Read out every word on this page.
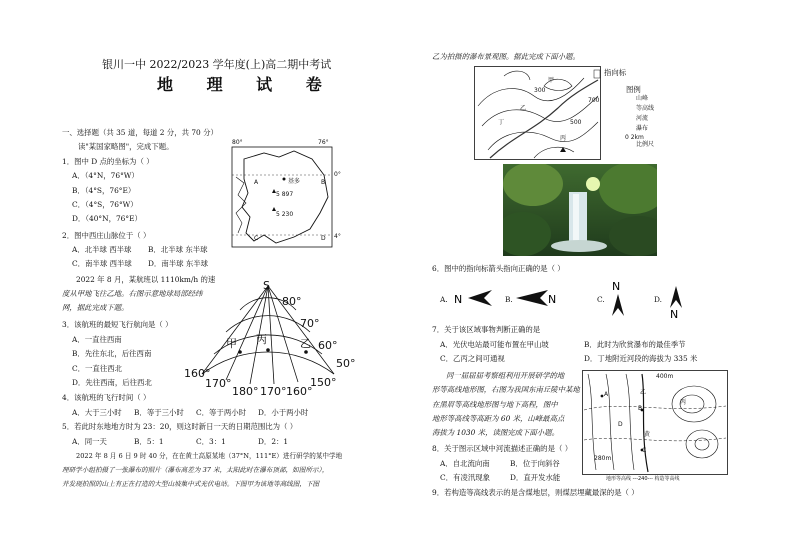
银川一中 2022/2023 学年度(上)高二期中考试
地 理 试 卷
一、选择题（共 35 道，每道 2 分，共 70 分）
读"某国家略图"，完成下题。
1．图中 D 点的坐标为（ ）
A．（4°N，76°W）
B．（4°S，76°E）
C．（4°S，76°W）
D．（40°N，76°E）
2．图中西庄山脉位于（ ）
A．北半球 西半球 B．北半球 东半球
C．南半球 西半球 D．南半球 东半球
2022 年 8 月，某航班以 1110km/h 的速
度从甲地飞往乙地。右图示意地球局部经纬
网，据此完成下题。
3．该航班的最短飞行航向是（ ）
A．一直往西南
B．先往东北，后往西南
C．一直往西北
D．先往西南，后往西北
4．该航班的飞行时间（ ）
A．大于三小时 B．等于三小时 C．等于两小时 D．小于两小时
5．若此时东地地方时为 23：20，则这时新日一天的日期范围比为（ ）
A．同一天	B．5：1	C．3：1	D．2：1
2022 年 8 月 6 日 9 时 40 分，在在黄土高原某地（37°N，111°E）进行研学的某中学地
理研学小组拍摄了一张瀑布的照片（瀑布高差为 37 米，太阳此时在瀑布顶部，如图所示），
并发现拍照的山上有正在打造的大型山坡集中式光伏电站。下图甲为该地等高线图，下图
80°	76°
0°
4°
基多
A	B
C	D
5 897
5 230
S
80°
70°
60°
50°
160°
170°
180° 170° 160°
150°
甲 丙	乙
乙为拍摄的瀑布景观图。据此完成下面小题。
指向标
图例
山峰
等高线
河流
瀑布
比例尺
0 2km
300
500
700
甲
乙
丙
丁
6．图中的指向标箭头指向正确的是（ ）
A.	B.	C.	D.
N	N
N
N
7．关于该区域事物判断正确的是
A．光伏电站最可能布置在甲山坡	B．此时为欣赏瀑布的最佳季节
C．乙丙之间可通视	D．丁地附近河段的海拔为 335 米
同一届届届考察组利用开展研学的地
形等高线地形图，右图为我国东南丘陵中某地
在黑眉等高线地形图与地下高程，图中
地形等高线等高距为 60 米，山峰最高点
海拔为 1030 米，读图完成下面小题。
8．关于图示区域中河流描述正确的是（ ）
A．自北流向南	B．位于向斜谷
C．有凌汛现象	D．直开发水能
9．若构造等高线表示的是含煤地层，则煤层埋藏最深的是（ ）
A
B
C
D
乙
黄
丙
400m
280m
地形等高线 ---240--- 构造等高线
